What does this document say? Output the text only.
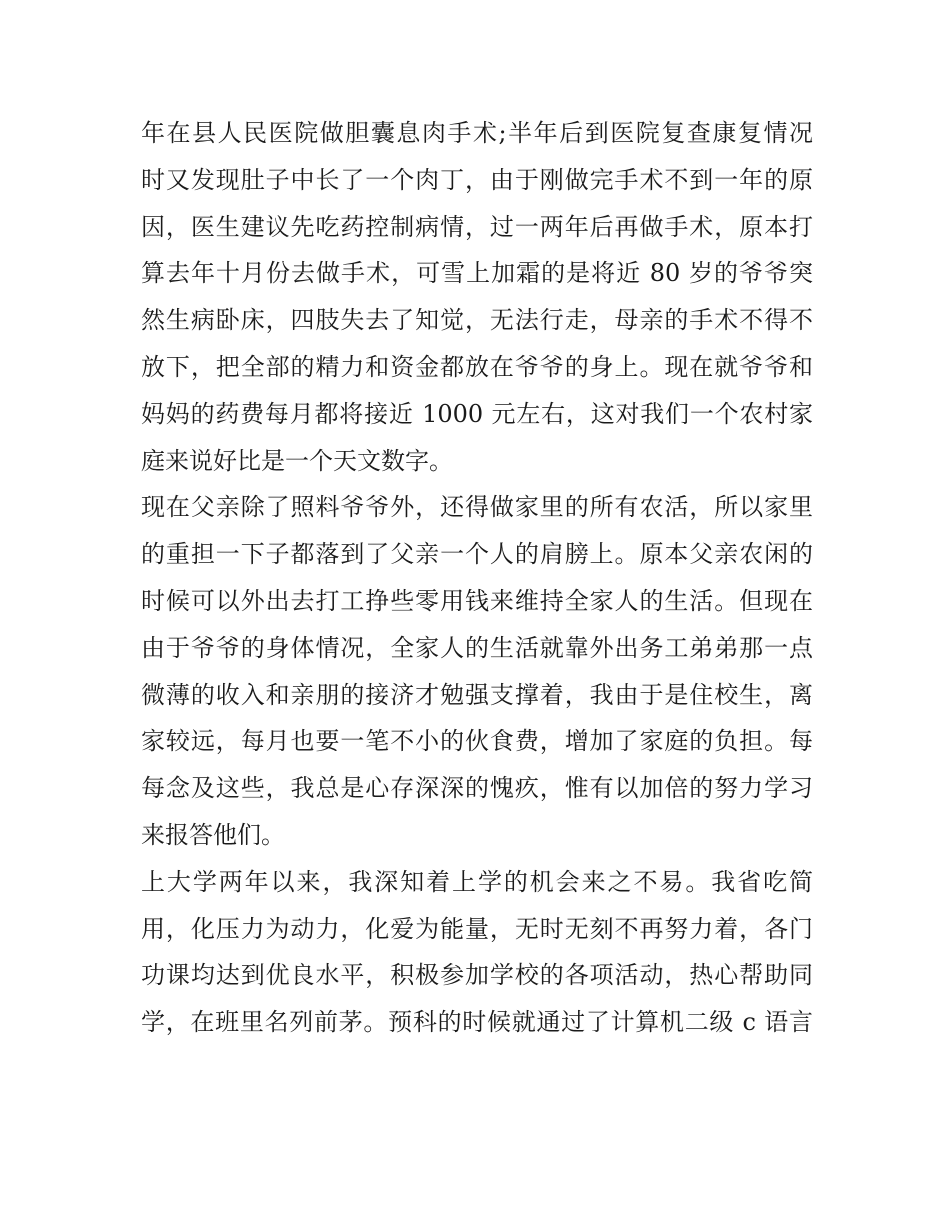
年在县人民医院做胆囊息肉手术;半年后到医院复查康复情况
时又发现肚子中长了一个肉丁，由于刚做完手术不到一年的原
因，医生建议先吃药控制病情，过一两年后再做手术，原本打
算去年十月份去做手术，可雪上加霜的是将近 80 岁的爷爷突
然生病卧床，四肢失去了知觉，无法行走，母亲的手术不得不
放下，把全部的精力和资金都放在爷爷的身上。现在就爷爷和
妈妈的药费每月都将接近 1000 元左右，这对我们一个农村家
庭来说好比是一个天文数字。
现在父亲除了照料爷爷外，还得做家里的所有农活，所以家里
的重担一下子都落到了父亲一个人的肩膀上。原本父亲农闲的
时候可以外出去打工挣些零用钱来维持全家人的生活。但现在
由于爷爷的身体情况，全家人的生活就靠外出务工弟弟那一点
微薄的收入和亲朋的接济才勉强支撑着，我由于是住校生，离
家较远，每月也要一笔不小的伙食费，增加了家庭的负担。每
每念及这些，我总是心存深深的愧疚，惟有以加倍的努力学习
来报答他们。
上大学两年以来，我深知着上学的机会来之不易。我省吃简
用，化压力为动力，化爱为能量，无时无刻不再努力着，各门
功课均达到优良水平，积极参加学校的各项活动，热心帮助同
学，在班里名列前茅。预科的时候就通过了计算机二级 c 语言
